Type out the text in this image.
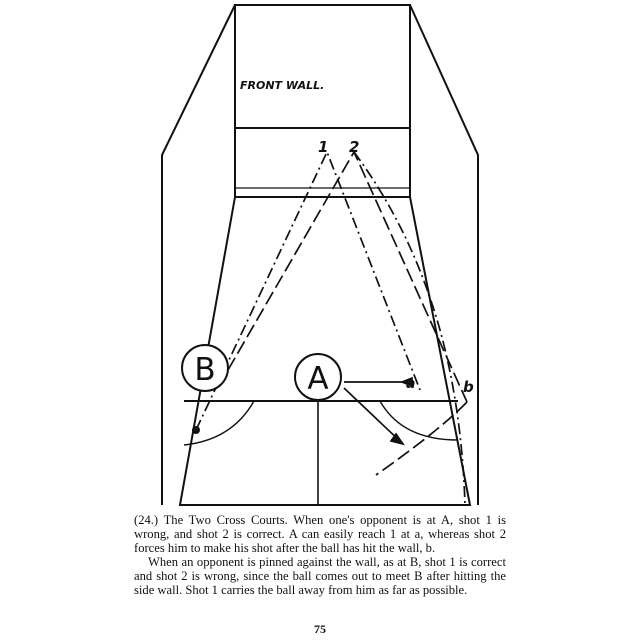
B	A
FRONT WALL.
1 2
a	b

(24.) The Two Cross Courts. When one's opponent is at A, shot 1 is wrong, and shot 2 is correct. A can easily reach 1 at a, whereas shot 2 forces him to make his shot after the ball has hit the wall, b.

When an opponent is pinned against the wall, as at B, shot 1 is correct and shot 2 is wrong, since the ball comes out to meet B after hitting the side wall. Shot 1 carries the ball away from him as far as possible.

75
